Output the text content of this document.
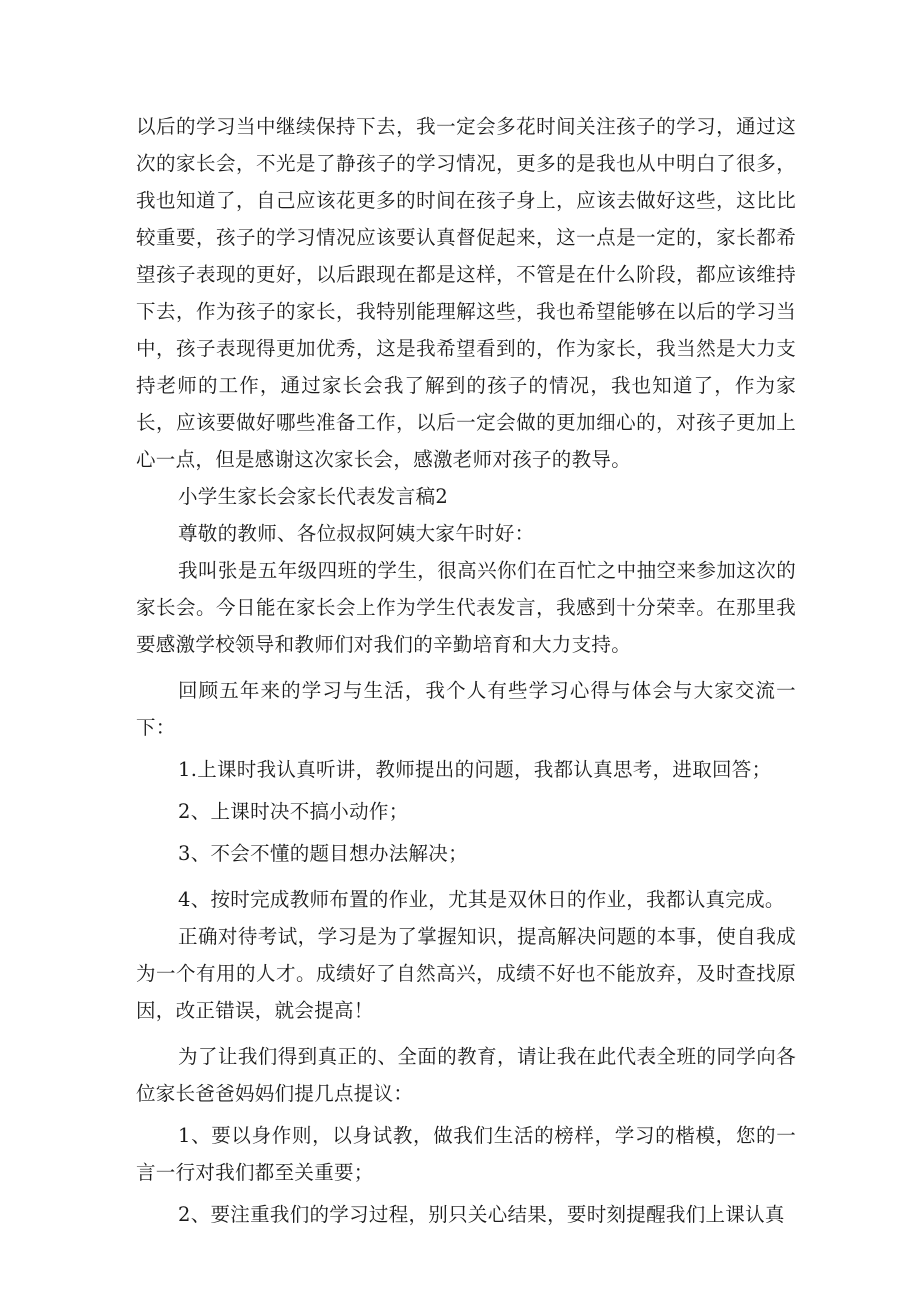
以后的学习当中继续保持下去，我一定会多花时间关注孩子的学习，通过这次的家长会，不光是了静孩子的学习情况，更多的是我也从中明白了很多，我也知道了，自己应该花更多的时间在孩子身上，应该去做好这些，这比比较重要，孩子的学习情况应该要认真督促起来，这一点是一定的，家长都希望孩子表现的更好，以后跟现在都是这样，不管是在什么阶段，都应该维持下去，作为孩子的家长，我特别能理解这些，我也希望能够在以后的学习当中，孩子表现得更加优秀，这是我希望看到的，作为家长，我当然是大力支持老师的工作，通过家长会我了解到的孩子的情况，我也知道了，作为家长，应该要做好哪些准备工作，以后一定会做的更加细心的，对孩子更加上心一点，但是感谢这次家长会，感激老师对孩子的教导。

小学生家长会家长代表发言稿2

尊敬的教师、各位叔叔阿姨大家午时好：

我叫张是五年级四班的学生，很高兴你们在百忙之中抽空来参加这次的家长会。今日能在家长会上作为学生代表发言，我感到十分荣幸。在那里我要感激学校领导和教师们对我们的辛勤培育和大力支持。

回顾五年来的学习与生活，我个人有些学习心得与体会与大家交流一下：

1.上课时我认真听讲，教师提出的问题，我都认真思考，进取回答；

2、上课时决不搞小动作；

3、不会不懂的题目想办法解决；

4、按时完成教师布置的作业，尤其是双休日的作业，我都认真完成。

正确对待考试，学习是为了掌握知识，提高解决问题的本事，使自我成为一个有用的人才。成绩好了自然高兴，成绩不好也不能放弃，及时查找原因，改正错误，就会提高！

为了让我们得到真正的、全面的教育，请让我在此代表全班的同学向各位家长爸爸妈妈们提几点提议：

1、要以身作则，以身试教，做我们生活的榜样，学习的楷模，您的一言一行对我们都至关重要；

2、要注重我们的学习过程，别只关心结果，要时刻提醒我们上课认真
